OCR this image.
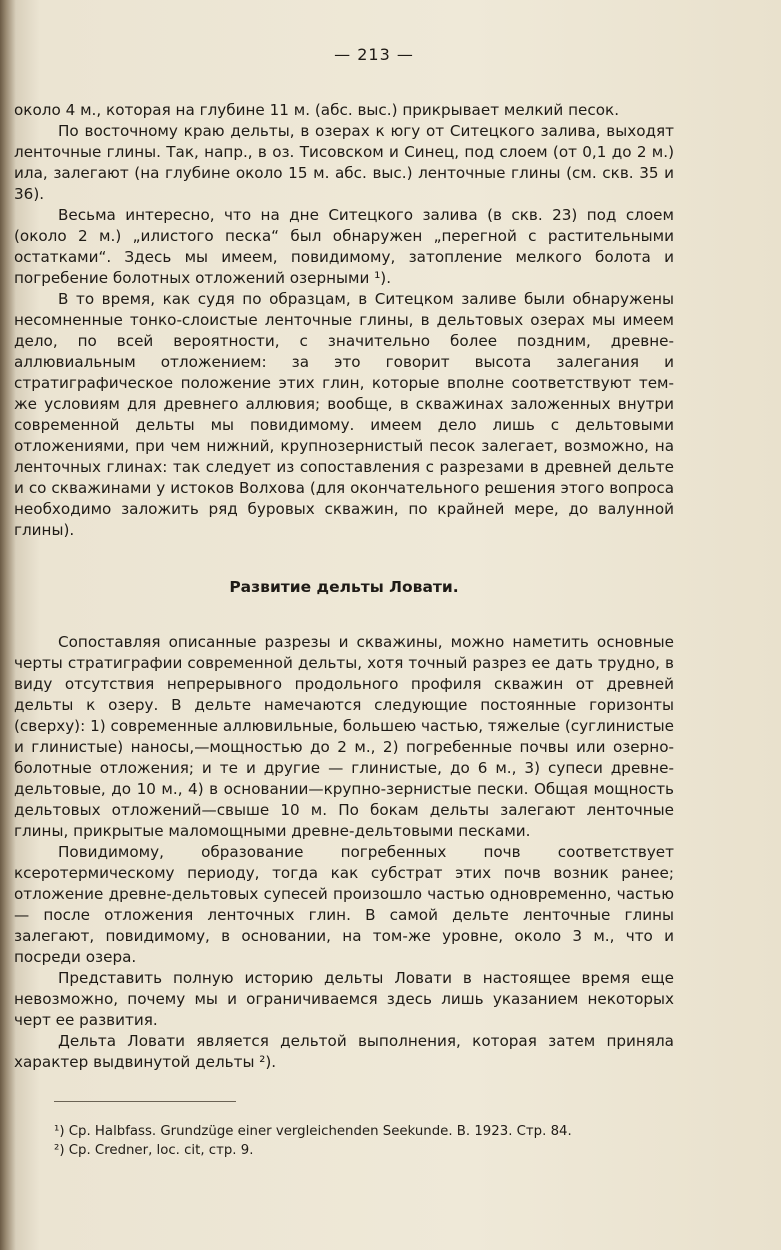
— 213 —

около 4 м., которая на глубине 11 м. (абс. выс.) прикрывает мелкий песок.

По восточному краю дельты, в озерах к югу от Ситецкого залива, выходят ленточные глины. Так, напр., в оз. Тисовском и Синец, под слоем (от 0,1 до 2 м.) ила, залегают (на глубине около 15 м. абс. выс.) ленточные глины (см. скв. 35 и 36).

Весьма интересно, что на дне Ситецкого залива (в скв. 23) под слоем (около 2 м.) „илистого песка“ был обнаружен „перегной с растительными остатками“. Здесь мы имеем, повидимому, затопление мелкого болота и погребение болотных отложений озерными ¹).

В то время, как судя по образцам, в Ситецком заливе были обнаружены несомненные тонко-слоистые ленточные глины, в дельтовых озерах мы имеем дело, по всей вероятности, с значительно более поздним, древне-аллювиальным отложением: за это говорит высота залегания и стратиграфическое положение этих глин, которые вполне соответствуют тем-же условиям для древнего аллювия; вообще, в скважинах заложенных внутри современной дельты мы повидимому. имеем дело лишь с дельтовыми отложениями, при чем нижний, крупнозернистый песок залегает, возможно, на ленточных глинах: так следует из сопоставления с разрезами в древней дельте и со скважинами у истоков Волхова (для окончательного решения этого вопроса необходимо заложить ряд буровых скважин, по крайней мере, до валунной глины).

Развитие дельты Ловати.

Сопоставляя описанные разрезы и скважины, можно наметить основные черты стратиграфии современной дельты, хотя точный разрез ее дать трудно, в виду отсутствия непрерывного продольного профиля скважин от древней дельты к озеру. В дельте намечаются следующие постоянные горизонты (сверху): 1) современные аллювильные, большею частью, тяжелые (суглинистые и глинистые) наносы,—мощностью до 2 м., 2) погребенные почвы или озерно-болотные отложения; и те и другие — глинистые, до 6 м., 3) супеси древне-дельтовые, до 10 м., 4) в основании—крупно-зернистые пески. Общая мощность дельтовых отложений—свыше 10 м. По бокам дельты залегают ленточные глины, прикрытые маломощными древне-дельтовыми песками.

Повидимому, образование погребенных почв соответствует ксеротермическому периоду, тогда как субстрат этих почв возник ранее; отложение древне-дельтовых супесей произошло частью одновременно, частью — после отложения ленточных глин. В самой дельте ленточные глины залегают, повидимому, в основании, на том-же уровне, около 3 м., что и посреди озера.

Представить полную историю дельты Ловати в настоящее время еще невозможно, почему мы и ограничиваемся здесь лишь указанием некоторых черт ее развития.

Дельта Ловати является дельтой выполнения, которая затем приняла характер выдвинутой дельты ²).

¹) Ср. Halbfass. Grundzüge einer vergleichenden Seekunde. B. 1923. Стр. 84.
²) Ср. Credner, loc. cit, стр. 9.
